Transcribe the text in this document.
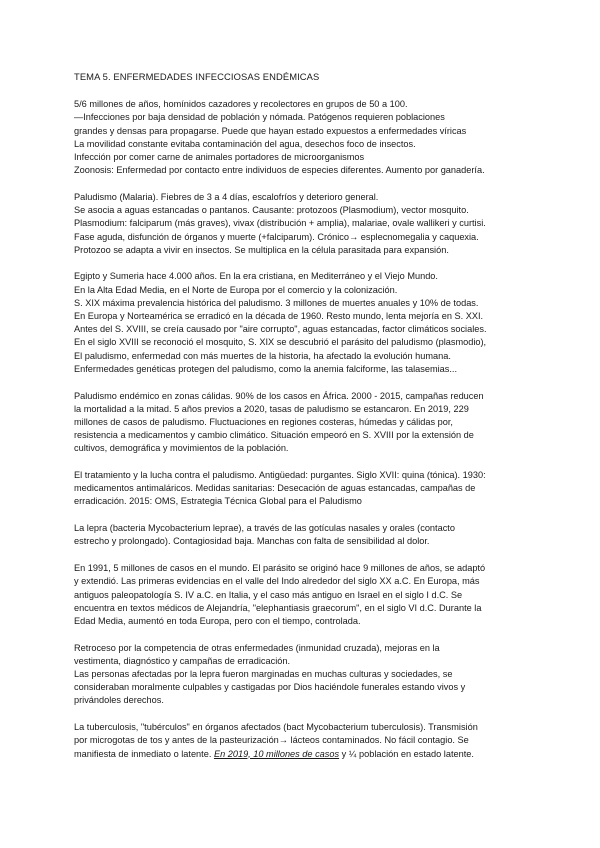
TEMA 5. ENFERMEDADES INFECCIOSAS ENDÉMICAS
5/6 millones de años, homínidos cazadores y recolectores en grupos de 50 a 100.
—Infecciones por baja densidad de población y nómada. Patógenos requieren poblaciones
grandes y densas para propagarse. Puede que hayan estado expuestos a enfermedades víricas
La movilidad constante evitaba contaminación del agua, desechos foco de insectos.
Infección por comer carne de animales portadores de microorganismos
Zoonosis: Enfermedad por contacto entre individuos de especies diferentes. Aumento por ganadería.
Paludismo (Malaria). Fiebres de 3 a 4 días, escalofríos y deterioro general.
Se asocia a aguas estancadas o pantanos. Causante: protozoos (Plasmodium), vector mosquito.
Plasmodium: falciparum (más graves), vivax (distribución + amplia), malariae, ovale wallikeri y curtisi.
Fase aguda, disfunción de órganos y muerte (+falciparum). Crónico→ esplecnomegalia y caquexia.
Protozoo se adapta a vivir en insectos. Se multiplica en la célula parasitada para expansión.
Egipto y Sumeria hace 4.000 años. En la era cristiana, en Mediterráneo y el Viejo Mundo.
En la Alta Edad Media, en el Norte de Europa por el comercio y la colonización.
S. XIX máxima prevalencia histórica del paludismo. 3 millones de muertes anuales y 10% de todas.
En Europa y Norteamérica se erradicó en la década de 1960. Resto mundo, lenta mejoría en S. XXI.
Antes del S. XVIII, se creía causado por "aire corrupto", aguas estancadas, factor climáticos sociales.
En el siglo XVIII se reconoció el mosquito, S. XIX se descubrió el parásito del paludismo (plasmodio),
El paludismo, enfermedad con más muertes de la historia, ha afectado la evolución humana.
Enfermedades genéticas protegen del paludismo, como la anemia falciforme, las talasemias...
Paludismo endémico en zonas cálidas. 90% de los casos en África. 2000 - 2015, campañas reducen
la mortalidad a la mitad. 5 años previos a 2020, tasas de paludismo se estancaron. En 2019, 229
millones de casos de paludismo. Fluctuaciones en regiones costeras, húmedas y cálidas por,
resistencia a medicamentos y cambio climático. Situación empeoró en S. XVIII por la extensión de
cultivos, demográfica y movimientos de la población.
El tratamiento y la lucha contra el paludismo. Antigüedad: purgantes. Siglo XVII: quina (tónica). 1930:
medicamentos antimaláricos. Medidas sanitarias: Desecación de aguas estancadas, campañas de
erradicación. 2015: OMS, Estrategia Técnica Global para el Paludismo
La lepra (bacteria Mycobacterium leprae), a través de las gotículas nasales y orales (contacto
estrecho y prolongado). Contagiosidad baja. Manchas con falta de sensibilidad al dolor.
En 1991, 5 millones de casos en el mundo. El parásito se originó hace 9 millones de años, se adaptó
y extendió. Las primeras evidencias en el valle del Indo alrededor del siglo XX a.C. En Europa, más
antiguos paleopatología S. IV a.C. en Italia, y el caso más antiguo en Israel en el siglo I d.C. Se
encuentra en textos médicos de Alejandría, "elephantiasis graecorum", en el siglo VI d.C. Durante la
Edad Media, aumentó en toda Europa, pero con el tiempo, controlada.
Retroceso por la competencia de otras enfermedades (inmunidad cruzada), mejoras en la
vestimenta, diagnóstico y campañas de erradicación.
Las personas afectadas por la lepra fueron marginadas en muchas culturas y sociedades, se
consideraban moralmente culpables y castigadas por Dios haciéndole funerales estando vivos y
privándoles derechos.
La tuberculosis, "tubérculos" en órganos afectados (bact Mycobacterium tuberculosis). Transmisión
por microgotas de tos y antes de la pasteurización→ lácteos contaminados. No fácil contagio. Se
manifiesta de inmediato o latente. En 2019, 10 millones de casos y ¼ población en estado latente.
